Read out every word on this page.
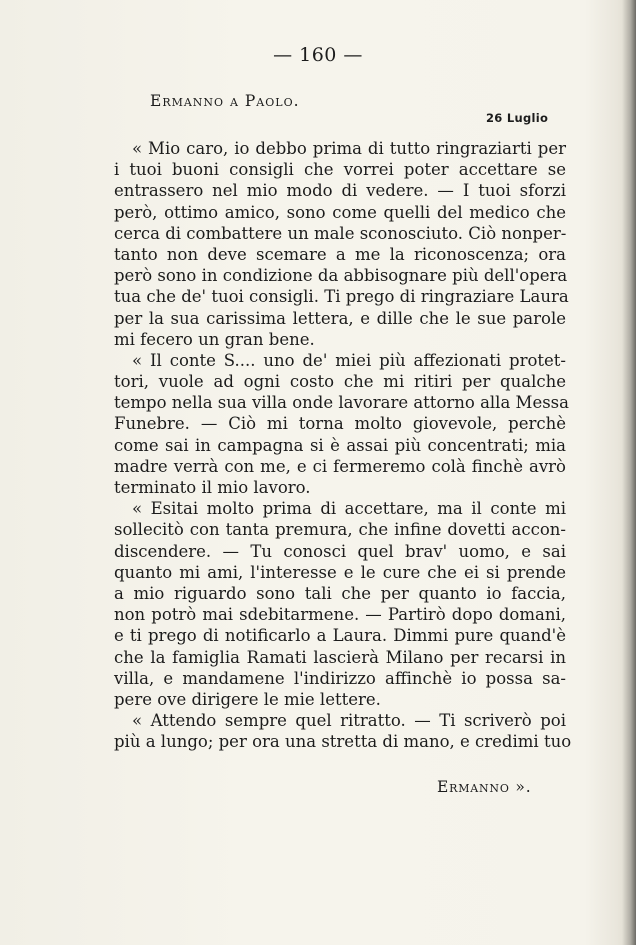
— 160 —
Ermanno a Paolo.
26 Luglio
« Mio caro, io debbo prima di tutto ringraziarti per
i tuoi buoni consigli che vorrei poter accettare se
entrassero nel mio modo di vedere. — I tuoi sforzi
però, ottimo amico, sono come quelli del medico che
cerca di combattere un male sconosciuto. Ciò nonper-
tanto non deve scemare a me la riconoscenza; ora
però sono in condizione da abbisognare più dell'opera
tua che de' tuoi consigli. Ti prego di ringraziare Laura
per la sua carissima lettera, e dille che le sue parole
mi fecero un gran bene.
« Il conte S.... uno de' miei più affezionati protet-
tori, vuole ad ogni costo che mi ritiri per qualche
tempo nella sua villa onde lavorare attorno alla Messa
Funebre. — Ciò mi torna molto giovevole, perchè
come sai in campagna si è assai più concentrati; mia
madre verrà con me, e ci fermeremo colà finchè avrò
terminato il mio lavoro.
« Esitai molto prima di accettare, ma il conte mi
sollecitò con tanta premura, che infine dovetti accon-
discendere. — Tu conosci quel brav' uomo, e sai
quanto mi ami, l'interesse e le cure che ei si prende
a mio riguardo sono tali che per quanto io faccia,
non potrò mai sdebitarmene. — Partirò dopo domani,
e ti prego di notificarlo a Laura. Dimmi pure quand'è
che la famiglia Ramati lascierà Milano per recarsi in
villa, e mandamene l'indirizzo affinchè io possa sa-
pere ove dirigere le mie lettere.
« Attendo sempre quel ritratto. — Ti scriverò poi
più a lungo; per ora una stretta di mano, e credimi tuo
Ermanno ».
